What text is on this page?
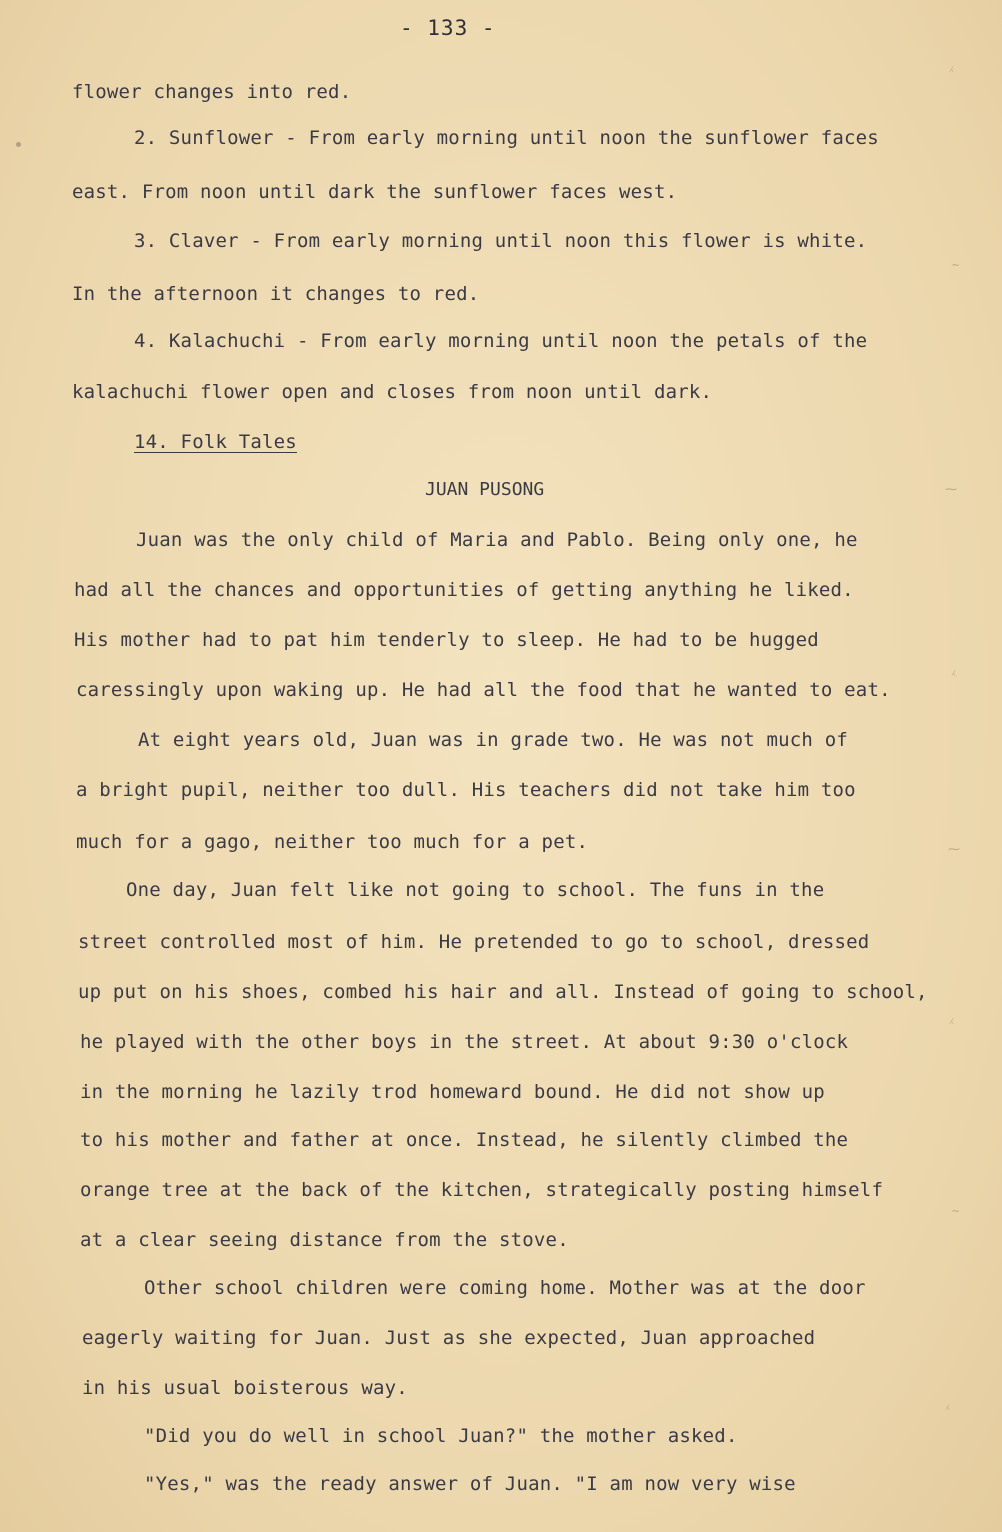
- 133 -
flower changes into red.
2. Sunflower - From early morning until noon the sunflower faces
east. From noon until dark the sunflower faces west.
3. Claver - From early morning until noon this flower is white.
In the afternoon it changes to red.
4. Kalachuchi - From early morning until noon the petals of the
kalachuchi flower open and closes from noon until dark.
14. Folk Tales
JUAN PUSONG
Juan was the only child of Maria and Pablo. Being only one, he
had all the chances and opportunities of getting anything he liked.
His mother had to pat him tenderly to sleep. He had to be hugged
caressingly upon waking up. He had all the food that he wanted to eat.
At eight years old, Juan was in grade two. He was not much of
a bright pupil, neither too dull. His teachers did not take him too
much for a gago, neither too much for a pet.
One day, Juan felt like not going to school. The funs in the
street controlled most of him. He pretended to go to school, dressed
up put on his shoes, combed his hair and all. Instead of going to school,
he played with the other boys in the street. At about 9:30 o'clock
in the morning he lazily trod homeward bound. He did not show up
to his mother and father at once. Instead, he silently climbed the
orange tree at the back of the kitchen, strategically posting himself
at a clear seeing distance from the stove.
Other school children were coming home. Mother was at the door
eagerly waiting for Juan. Just as she expected, Juan approached
in his usual boisterous way.
"Did you do well in school Juan?" the mother asked.
"Yes," was the ready answer of Juan. "I am now very wise
⁁
~
⁓
⁁
⁓
⁁
~
⁁
